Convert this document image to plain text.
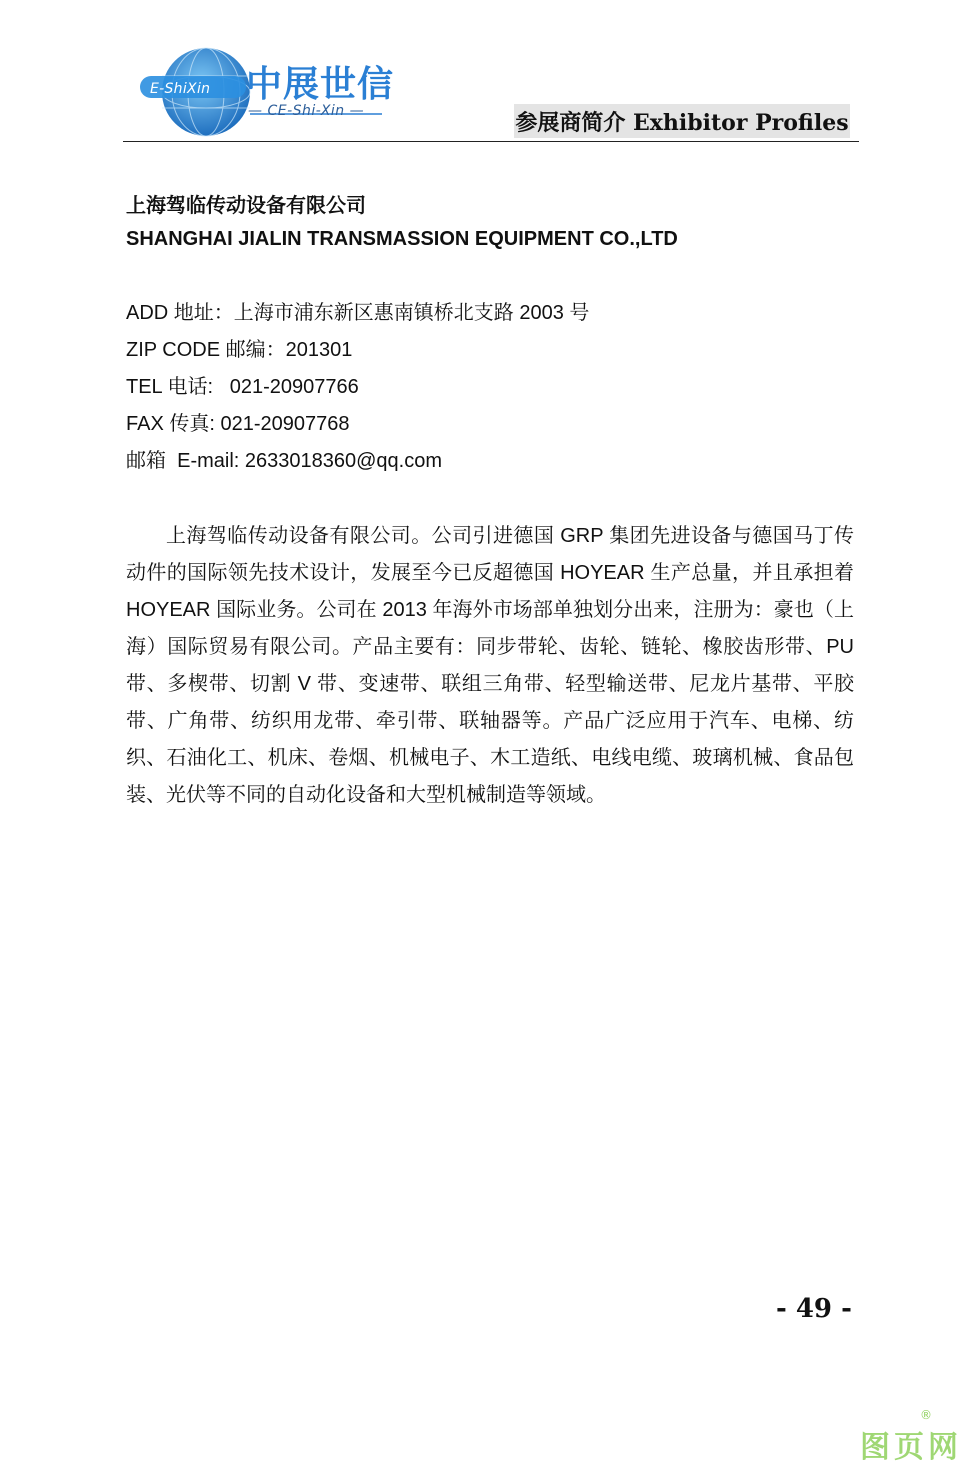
E-ShiXin 中展世信
— CE-Shi-Xin —	参展商简介 Exhibitor Profiles
上海驾临传动设备有限公司
SHANGHAI JIALIN TRANSMASSION EQUIPMENT CO.,LTD
ADD 地址：上海市浦东新区惠南镇桥北支路 2003 号
ZIP CODE 邮编：201301
TEL 电话:   021-20907766
FAX 传真: 021-20907768
邮箱  E-mail: 2633018360@qq.com
上海驾临传动设备有限公司。公司引进德国 GRP 集团先进设备与德国马丁传动件的国际领先技术设计，发展至今已反超德国 HOYEAR 生产总量，并且承担着 HOYEAR 国际业务。公司在 2013 年海外市场部单独划分出来，注册为：豪也（上海）国际贸易有限公司。产品主要有：同步带轮、齿轮、链轮、橡胶齿形带、PU 带、多楔带、切割 V 带、变速带、联组三角带、轻型输送带、尼龙片基带、平胶带、广角带、纺织用龙带、牵引带、联轴器等。产品广泛应用于汽车、电梯、纺织、石油化工、机床、卷烟、机械电子、木工造纸、电线电缆、玻璃机械、食品包装、光伏等不同的自动化设备和大型机械制造等领域。
- 49 -
图页网
®
